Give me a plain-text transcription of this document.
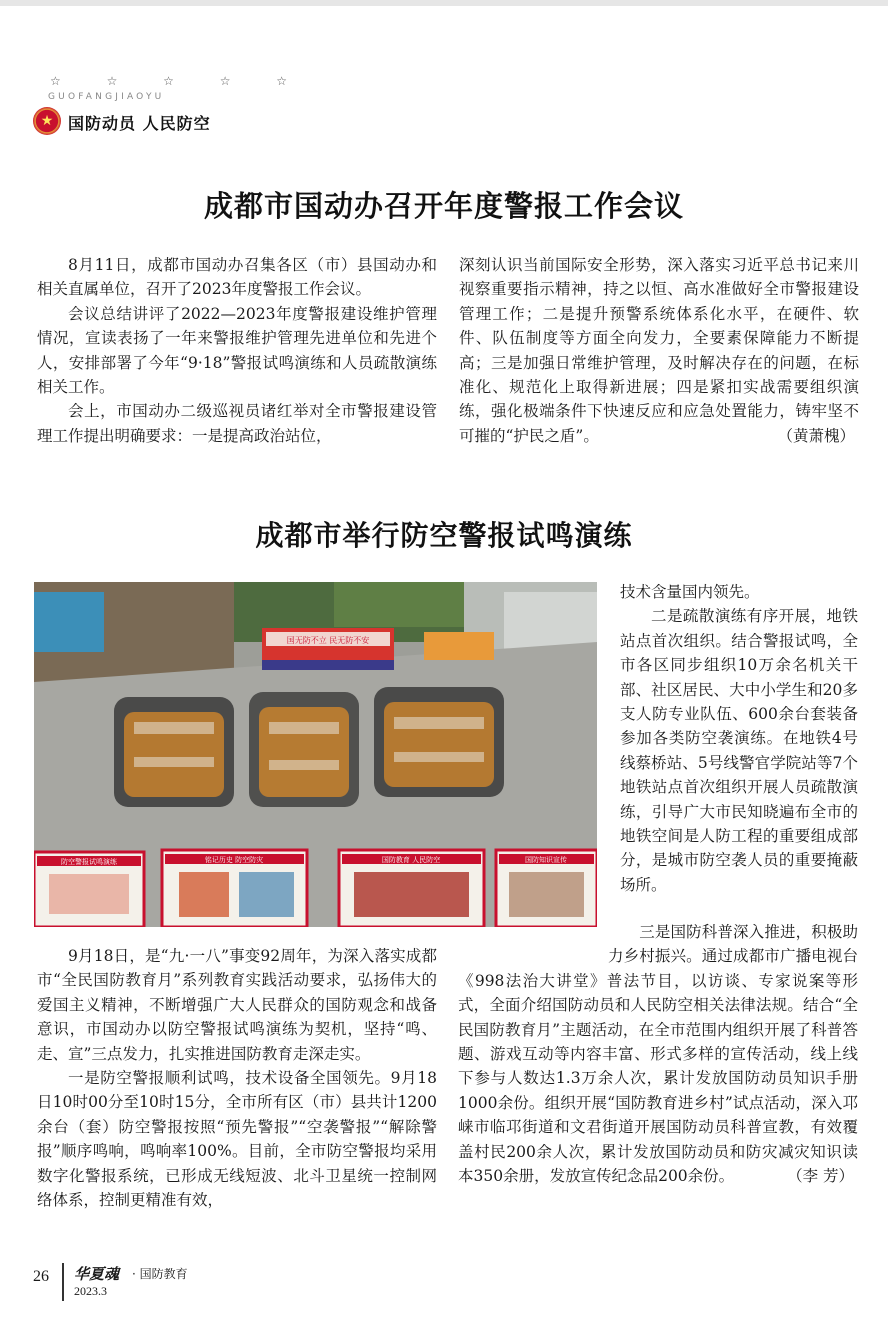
☆ ☆ ☆ ☆ ☆
GUOFANGJIAOYU
★ 国防动员 人民防空
成都市国动办召开年度警报工作会议

8月11日，成都市国动办召集各区（市）县国动办和相关直属单位，召开了2023年度警报工作会议。

会议总结讲评了2022—2023年度警报建设维护管理情况，宣读表扬了一年来警报维护管理先进单位和先进个人，安排部署了今年“9·18”警报试鸣演练和人员疏散演练相关工作。

会上，市国动办二级巡视员诸红举对全市警报建设管理工作提出明确要求：一是提高政治站位，

深刻认识当前国际安全形势，深入落实习近平总书记来川视察重要指示精神，持之以恒、高水准做好全市警报建设管理工作；二是提升预警系统体系化水平，在硬件、软件、队伍制度等方面全向发力，全要素保障能力不断提高；三是加强日常维护管理，及时解决存在的问题，在标准化、规范化上取得新进展；四是紧扣实战需要组织演练，强化极端条件下快速反应和应急处置能力，铸牢坚不可摧的“护民之盾”。	（黄萧槐）

成都市举行防空警报试鸣演练
国无防不立 民无防不安
防空警报试鸣演练	铭记历史 防空防灾	国防教育 人民防空	国防知识宣传

技术含量国内领先。

二是疏散演练有序开展，地铁站点首次组织。结合警报试鸣，全市各区同步组织10万余名机关干部、社区居民、大中小学生和20多支人防专业队伍、600余台套装备参加各类防空袭演练。在地铁4号线蔡桥站、5号线警官学院站等7个地铁站点首次组织开展人员疏散演练，引导广大市民知晓遍布全市的地铁空间是人防工程的重要组成部分，是城市防空袭人员的重要掩蔽场所。

9月18日，是“九·一八”事变92周年，为深入落实成都市“全民国防教育月”系列教育实践活动要求，弘扬伟大的爱国主义精神，不断增强广大人民群众的国防观念和战备意识，市国动办以防空警报试鸣演练为契机，坚持“鸣、走、宣”三点发力，扎实推进国防教育走深走实。

一是防空警报顺利试鸣，技术设备全国领先。9月18日10时00分至10时15分，全市所有区（市）县共计1200余台（套）防空警报按照“预先警报”“空袭警报”“解除警报”顺序鸣响，鸣响率100%。目前，全市防空警报均采用数字化警报系统，已形成无线短波、北斗卫星统一控制网络体系，控制更精准有效，

　　三是国防科普深入推进，积极助力乡村振兴。通过成都市广播电视台《998法治大讲堂》普法节目，以访谈、专家说案等形式，全面介绍国防动员和人民防空相关法律法规。结合“全民国防教育月”主题活动，在全市范围内组织开展了科普答题、游戏互动等内容丰富、形式多样的宣传活动，线上线下参与人数达1.3万余人次，累计发放国防动员知识手册1000余份。组织开展“国防教育进乡村”试点活动，深入邛崃市临邛街道和文君街道开展国防动员科普宣教，有效覆盖村民200余人次，累计发放国防动员和防灾减灾知识读本350余册，发放宣传纪念品200余份。	（李 芳）

26 华夏魂 · 国防教育
2023.3
